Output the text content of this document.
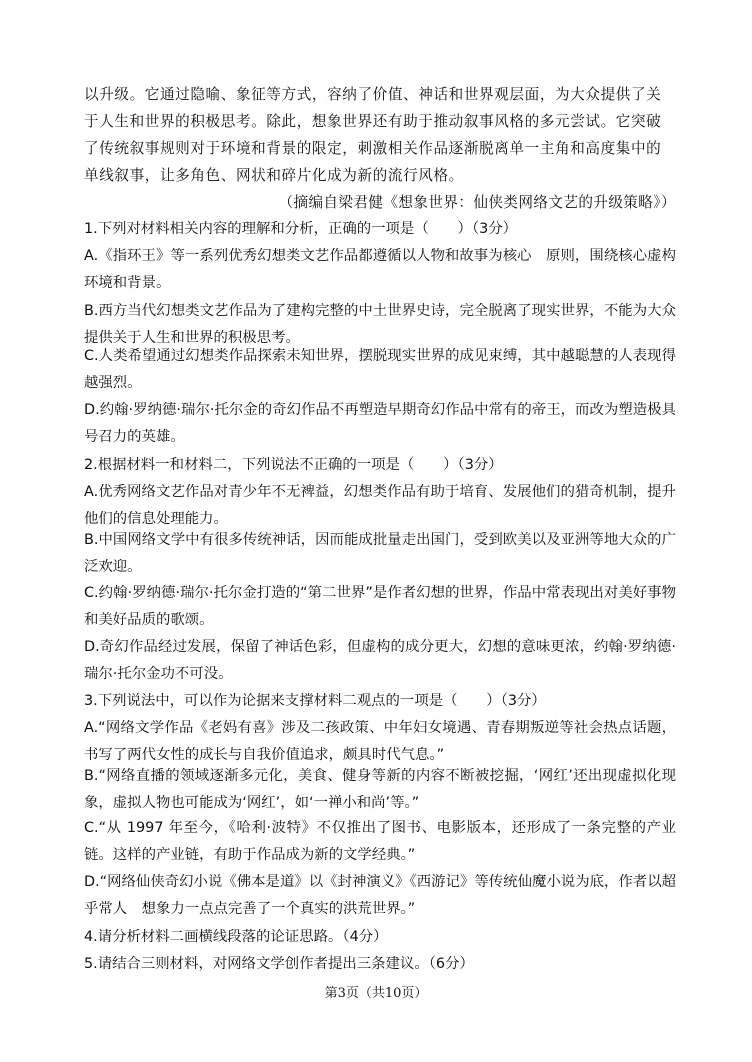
以升级。它通过隐喻、象征等方式，容纳了价值、神话和世界观层面，为大众提供了关于人生和世界的积极思考。除此，想象世界还有助于推动叙事风格的多元尝试。它突破了传统叙事规则对于环境和背景的限定，刺激相关作品逐渐脱离单一主角和高度集中的单线叙事，让多角色、网状和碎片化成为新的流行风格。
（摘编自梁君健《想象世界：仙侠类网络文艺的升级策略》）
1.下列对材料相关内容的理解和分析，正确的一项是（　　）（3分）
A.《指环王》等一系列优秀幻想类文艺作品都遵循以人物和故事为核心　原则，围绕核心虚构环境和背景。
B.西方当代幻想类文艺作品为了建构完整的中土世界史诗，完全脱离了现实世界，不能为大众提供关于人生和世界的积极思考。
C.人类希望通过幻想类作品探索未知世界，摆脱现实世界的成见束缚，其中越聪慧的人表现得越强烈。
D.约翰·罗纳德·瑞尔·托尔金的奇幻作品不再塑造早期奇幻作品中常有的帝王，而改为塑造极具号召力的英雄。
2.根据材料一和材料二，下列说法不正确的一项是（　　）（3分）
A.优秀网络文艺作品对青少年不无裨益，幻想类作品有助于培育、发展他们的猎奇机制，提升他们的信息处理能力。
B.中国网络文学中有很多传统神话，因而能成批量走出国门，受到欧美以及亚洲等地大众的广泛欢迎。
C.约翰·罗纳德·瑞尔·托尔金打造的“第二世界”是作者幻想的世界，作品中常表现出对美好事物和美好品质的歌颂。
D.奇幻作品经过发展，保留了神话色彩，但虚构的成分更大，幻想的意味更浓，约翰·罗纳德·瑞尔·托尔金功不可没。
3.下列说法中，可以作为论据来支撑材料二观点的一项是（　　）（3分）
A.“网络文学作品《老妈有喜》涉及二孩政策、中年妇女境遇、青春期叛逆等社会热点话题，书写了两代女性的成长与自我价值追求，颇具时代气息。”
B.“网络直播的领域逐渐多元化，美食、健身等新的内容不断被挖掘，‘网红’还出现虚拟化现象，虚拟人物也可能成为‘网红’，如‘一禅小和尚’等。”
C.“从 1997 年至今，《哈利·波特》不仅推出了图书、电影版本，还形成了一条完整的产业链。这样的产业链，有助于作品成为新的文学经典。”
D.“网络仙侠奇幻小说《佛本是道》以《封神演义》《西游记》等传统仙魔小说为底，作者以超乎常人　想象力一点点完善了一个真实的洪荒世界。”
4.请分析材料二画横线段落的论证思路。（4分）
5.请结合三则材料，对网络文学创作者提出三条建议。（6分）
第3页（共10页）
